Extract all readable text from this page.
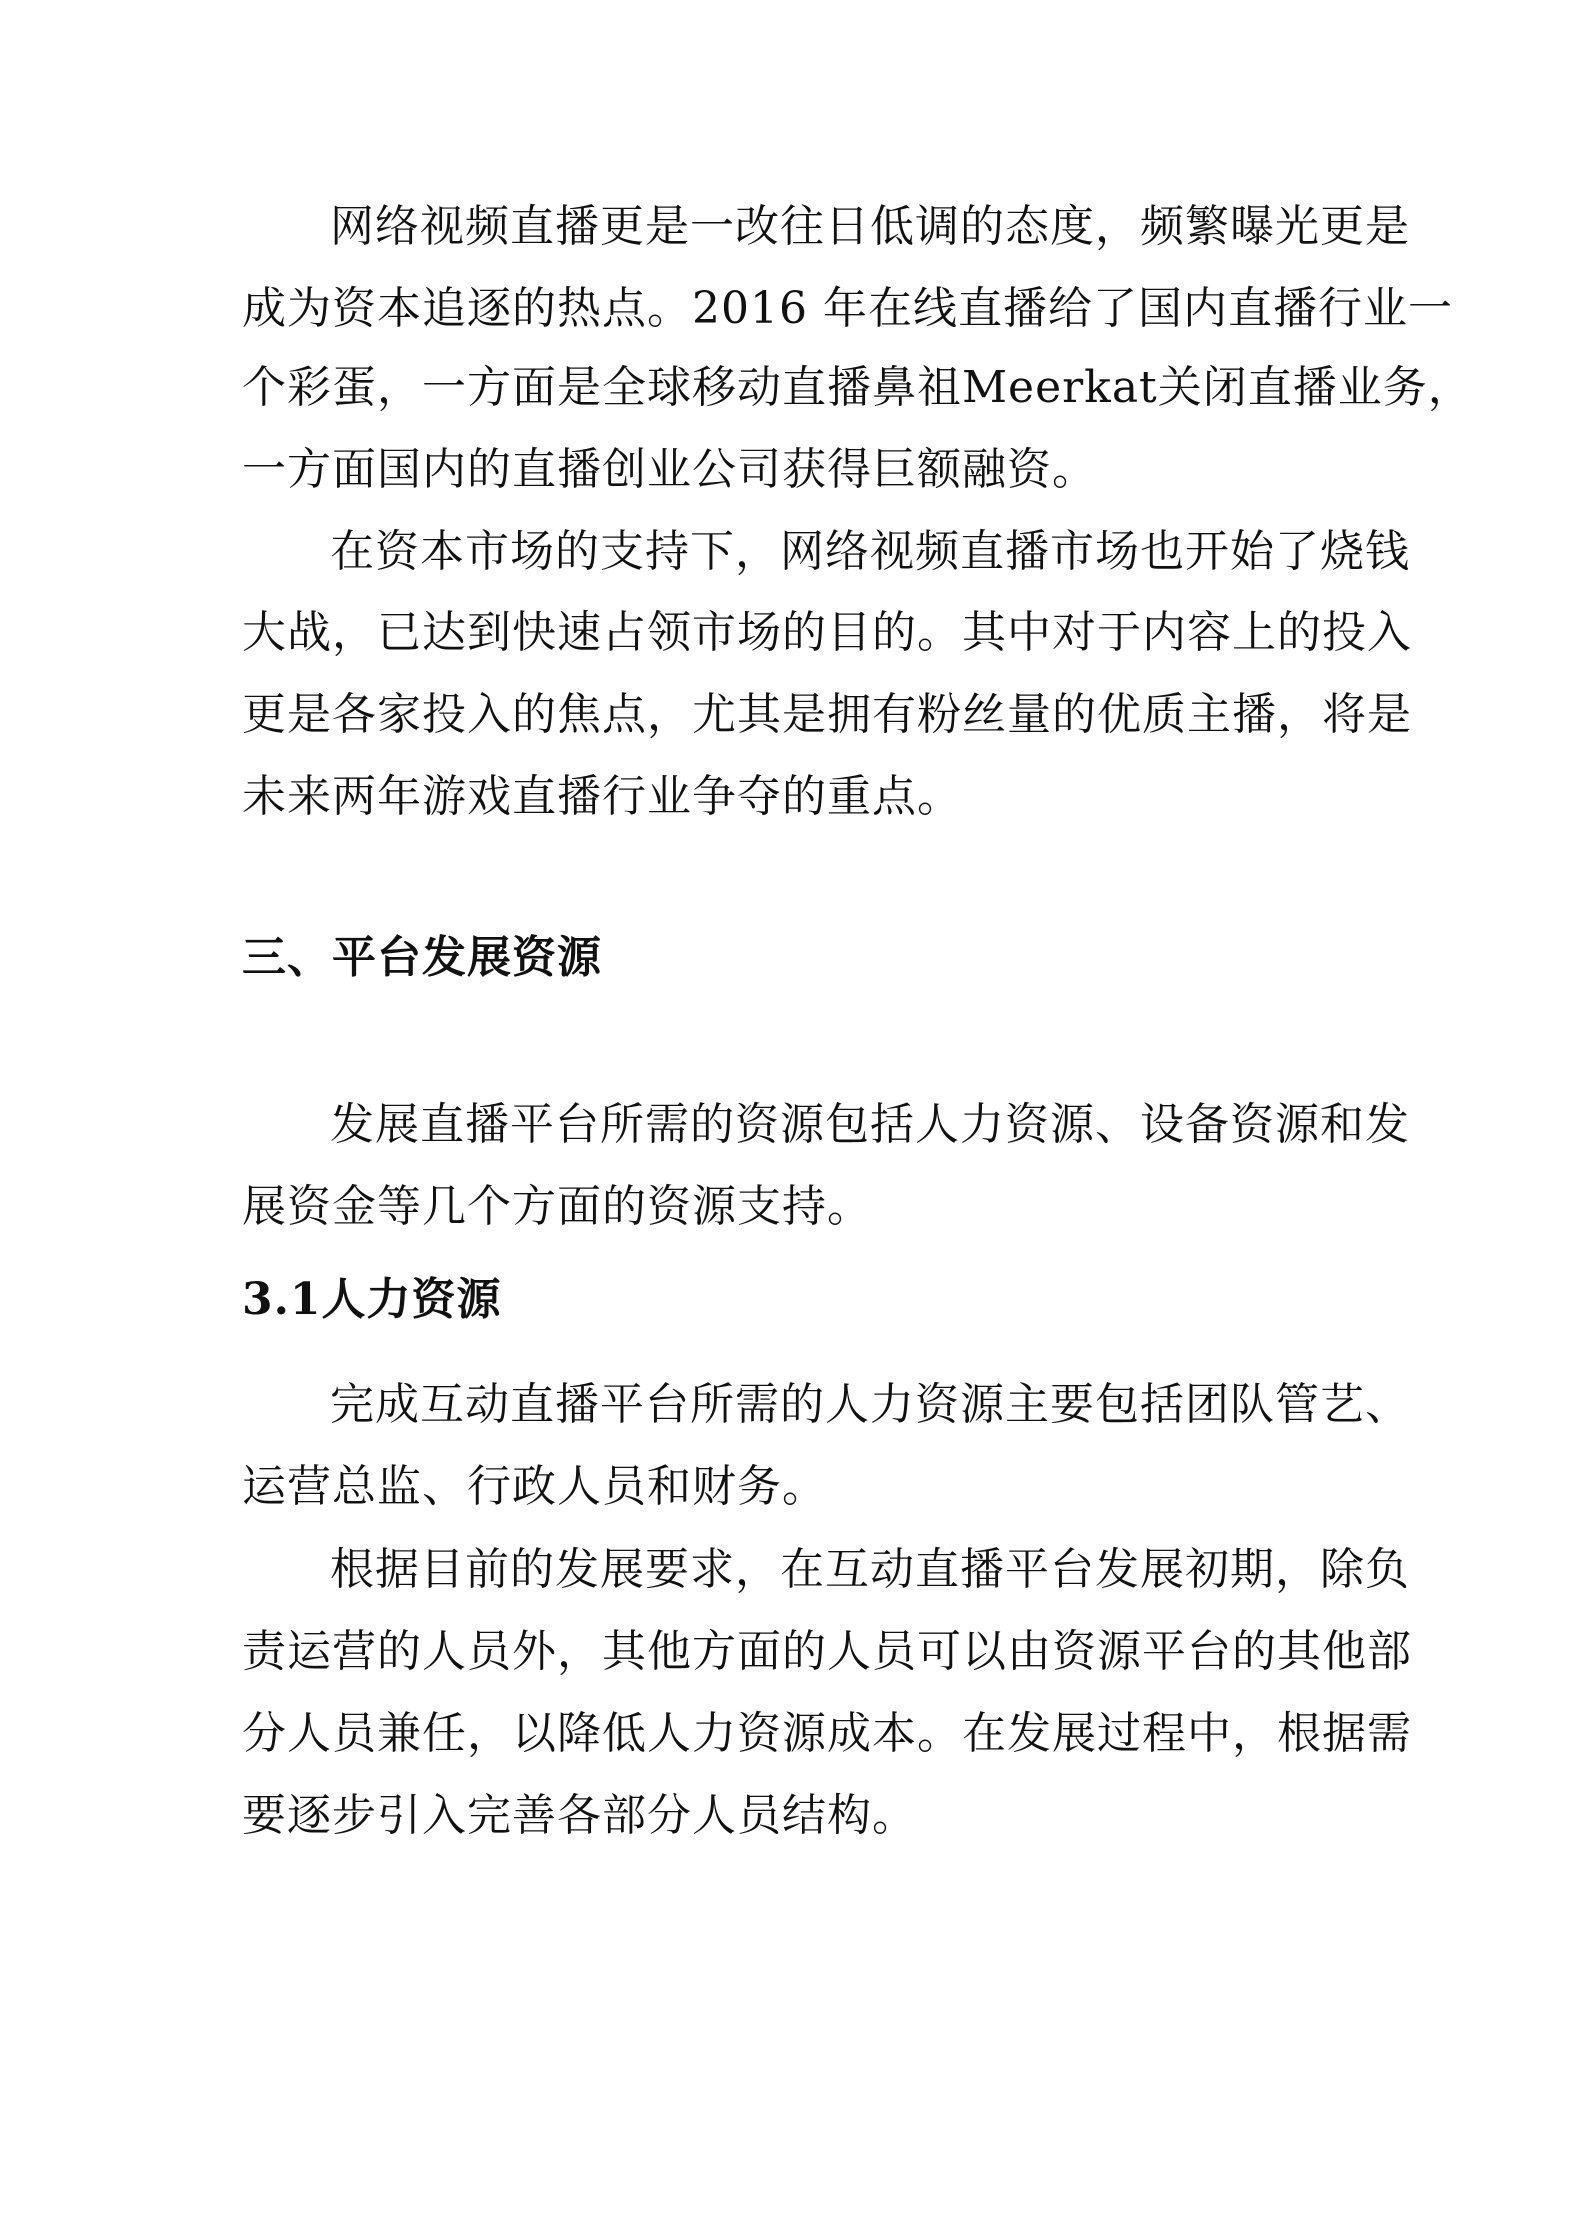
网络视频直播更是一改往日低调的态度，频繁曝光更是
成为资本追逐的热点。2016 年在线直播给了国内直播行业一
个彩蛋，一方面是全球移动直播鼻祖Meerkat关闭直播业务，
一方面国内的直播创业公司获得巨额融资。
在资本市场的支持下，网络视频直播市场也开始了烧钱
大战，已达到快速占领市场的目的。其中对于内容上的投入
更是各家投入的焦点，尤其是拥有粉丝量的优质主播，将是
未来两年游戏直播行业争夺的重点。
三、平台发展资源
发展直播平台所需的资源包括人力资源、设备资源和发
展资金等几个方面的资源支持。
3.1人力资源
完成互动直播平台所需的人力资源主要包括团队管艺、
运营总监、行政人员和财务。
根据目前的发展要求，在互动直播平台发展初期，除负
责运营的人员外，其他方面的人员可以由资源平台的其他部
分人员兼任，以降低人力资源成本。在发展过程中，根据需
要逐步引入完善各部分人员结构。
